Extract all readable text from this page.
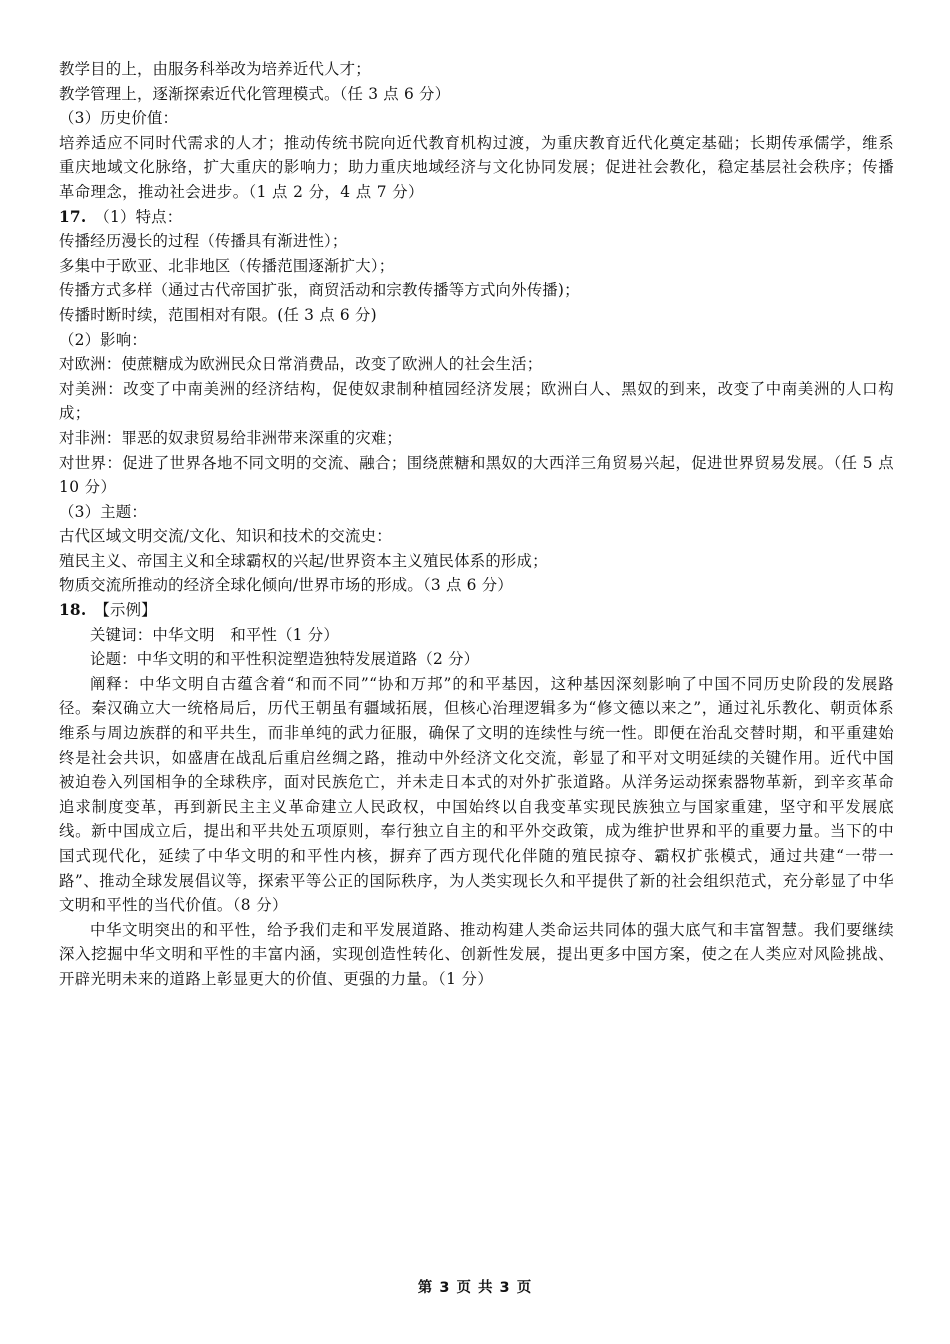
教学目的上，由服务科举改为培养近代人才；
教学管理上，逐渐探索近代化管理模式。（任 3 点 6 分）
（3）历史价值：
培养适应不同时代需求的人才；推动传统书院向近代教育机构过渡，为重庆教育近代化奠定基础；长期传承儒学，维系重庆地域文化脉络，扩大重庆的影响力；助力重庆地域经济与文化协同发展；促进社会教化，稳定基层社会秩序；传播革命理念，推动社会进步。（1 点 2 分，4 点 7 分）
17. （1）特点：
传播经历漫长的过程（传播具有渐进性）；
多集中于欧亚、北非地区（传播范围逐渐扩大）；
传播方式多样（通过古代帝国扩张，商贸活动和宗教传播等方式向外传播)；
传播时断时续，范围相对有限。(任 3 点 6 分)
（2）影响：
对欧洲：使蔗糖成为欧洲民众日常消费品，改变了欧洲人的社会生活；
对美洲：改变了中南美洲的经济结构，促使奴隶制种植园经济发展；欧洲白人、黑奴的到来，改变了中南美洲的人口构成；
对非洲：罪恶的奴隶贸易给非洲带来深重的灾难；
对世界：促进了世界各地不同文明的交流、融合；围绕蔗糖和黑奴的大西洋三角贸易兴起，促进世界贸易发展。（任 5 点 10 分）
（3）主题：
古代区域文明交流/文化、知识和技术的交流史：
殖民主义、帝国主义和全球霸权的兴起/世界资本主义殖民体系的形成；
物质交流所推动的经济全球化倾向/世界市场的形成。（3 点 6 分）
18. 【示例】
关键词：中华文明　和平性（1 分）
论题：中华文明的和平性积淀塑造独特发展道路（2 分）
阐释：中华文明自古蕴含着“和而不同”“协和万邦”的和平基因，这种基因深刻影响了中国不同历史阶段的发展路径。秦汉确立大一统格局后，历代王朝虽有疆域拓展，但核心治理逻辑多为“修文德以来之”，通过礼乐教化、朝贡体系维系与周边族群的和平共生，而非单纯的武力征服，确保了文明的连续性与统一性。即便在治乱交替时期，和平重建始终是社会共识，如盛唐在战乱后重启丝绸之路，推动中外经济文化交流，彰显了和平对文明延续的关键作用。近代中国被迫卷入列国相争的全球秩序，面对民族危亡，并未走日本式的对外扩张道路。从洋务运动探索器物革新，到辛亥革命追求制度变革，再到新民主主义革命建立人民政权，中国始终以自我变革实现民族独立与国家重建，坚守和平发展底线。新中国成立后，提出和平共处五项原则，奉行独立自主的和平外交政策，成为维护世界和平的重要力量。当下的中国式现代化，延续了中华文明的和平性内核，摒弃了西方现代化伴随的殖民掠夺、霸权扩张模式，通过共建“一带一路”、推动全球发展倡议等，探索平等公正的国际秩序，为人类实现长久和平提供了新的社会组织范式，充分彰显了中华文明和平性的当代价值。（8 分）
中华文明突出的和平性，给予我们走和平发展道路、推动构建人类命运共同体的强大底气和丰富智慧。我们要继续深入挖掘中华文明和平性的丰富内涵，实现创造性转化、创新性发展，提出更多中国方案，使之在人类应对风险挑战、开辟光明未来的道路上彰显更大的价值、更强的力量。（1 分）
第 3 页 共 3 页
